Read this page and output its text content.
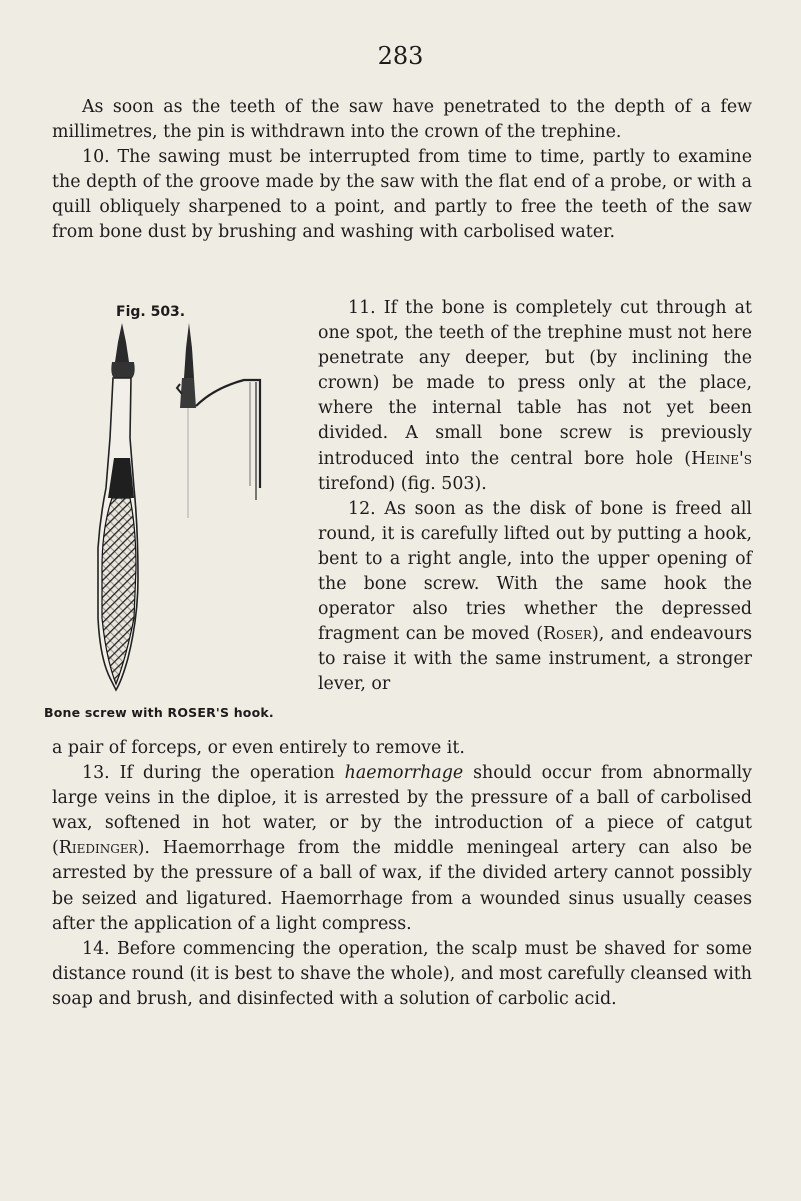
283

As soon as the teeth of the saw have penetrated to the depth of a few millimetres, the pin is withdrawn into the crown of the trephine.

10. The sawing must be interrupted from time to time, partly to examine the depth of the groove made by the saw with the flat end of a probe, or with a quill obliquely sharpened to a point, and partly to free the teeth of the saw from bone dust by brushing and washing with carbolised water.

Fig. 503.
Bone screw with ROSER'S hook.

11. If the bone is completely cut through at one spot, the teeth of the trephine must not here penetrate any deeper, but (by inclining the crown) be made to press only at the place, where the internal table has not yet been divided. A small bone screw is previously introduced into the central bore hole (Heine's tirefond) (fig. 503).

12. As soon as the disk of bone is freed all round, it is carefully lifted out by putting a hook, bent to a right angle, into the upper opening of the bone screw. With the same hook the operator also tries whether the depressed fragment can be moved (Roser), and endeavours to raise it with the same instrument, a stronger lever, or

a pair of forceps, or even entirely to remove it.

13. If during the operation haemorrhage should occur from abnormally large veins in the diploe, it is arrested by the pressure of a ball of carbolised wax, softened in hot water, or by the introduction of a piece of catgut (Riedinger). Haemorrhage from the middle meningeal artery can also be arrested by the pressure of a ball of wax, if the divided artery cannot possibly be seized and ligatured. Haemorrhage from a wounded sinus usually ceases after the application of a light compress.

14. Before commencing the operation, the scalp must be shaved for some distance round (it is best to shave the whole), and most carefully cleansed with soap and brush, and disinfected with a solution of carbolic acid.
